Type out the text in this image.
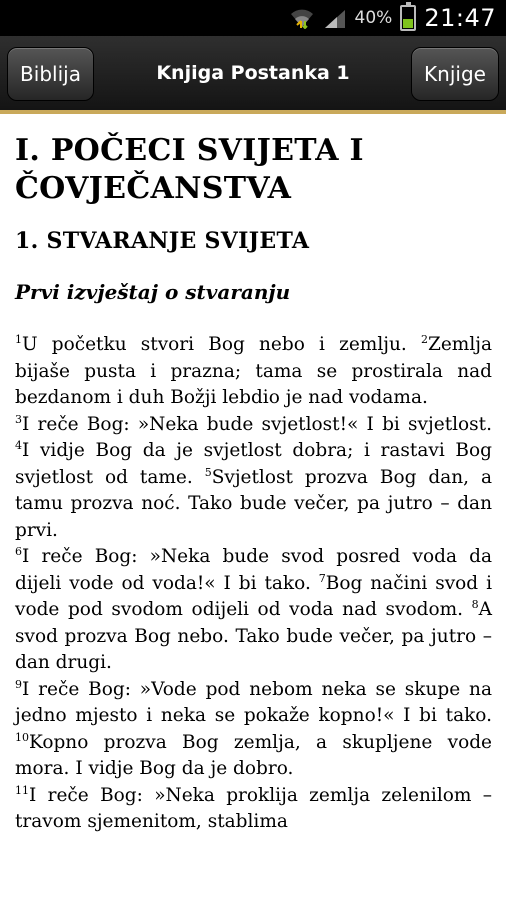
40% 21:47
Biblija	Knjiga Postanka 1	Knjige
I. POČECI SVIJETA I ČOVJEČANSTVA
1. STVARANJE SVIJETA
Prvi izvještaj o stvaranju

$^1$U početku stvori Bog nebo i zemlju. $^2$Zemlja bijaše pusta i prazna; tama se prostirala nad bezdanom i duh Božji lebdio je nad vodama.

$^3$I reče Bog: »Neka bude svjetlost!« I bi svjetlost. $^4$I vidje Bog da je svjetlost dobra; i rastavi Bog svjetlost od tame. $^5$Svjetlost prozva Bog dan, a tamu prozva noć. Tako bude večer, pa jutro – dan prvi.

$^6$I reče Bog: »Neka bude svod posred voda da dijeli vode od voda!« I bi tako. $^7$Bog načini svod i vode pod svodom odijeli od voda nad svodom. $^8$A svod prozva Bog nebo. Tako bude večer, pa jutro – dan drugi.

$^9$I reče Bog: »Vode pod nebom neka se skupe na jedno mjesto i neka se pokaže kopno!« I bi tako. $^{10}$Kopno prozva Bog zemlja, a skupljene vode mora. I vidje Bog da je dobro.

$^{11}$I reče Bog: »Neka proklija zemlja zelenilom – travom sjemenitom, stablima
